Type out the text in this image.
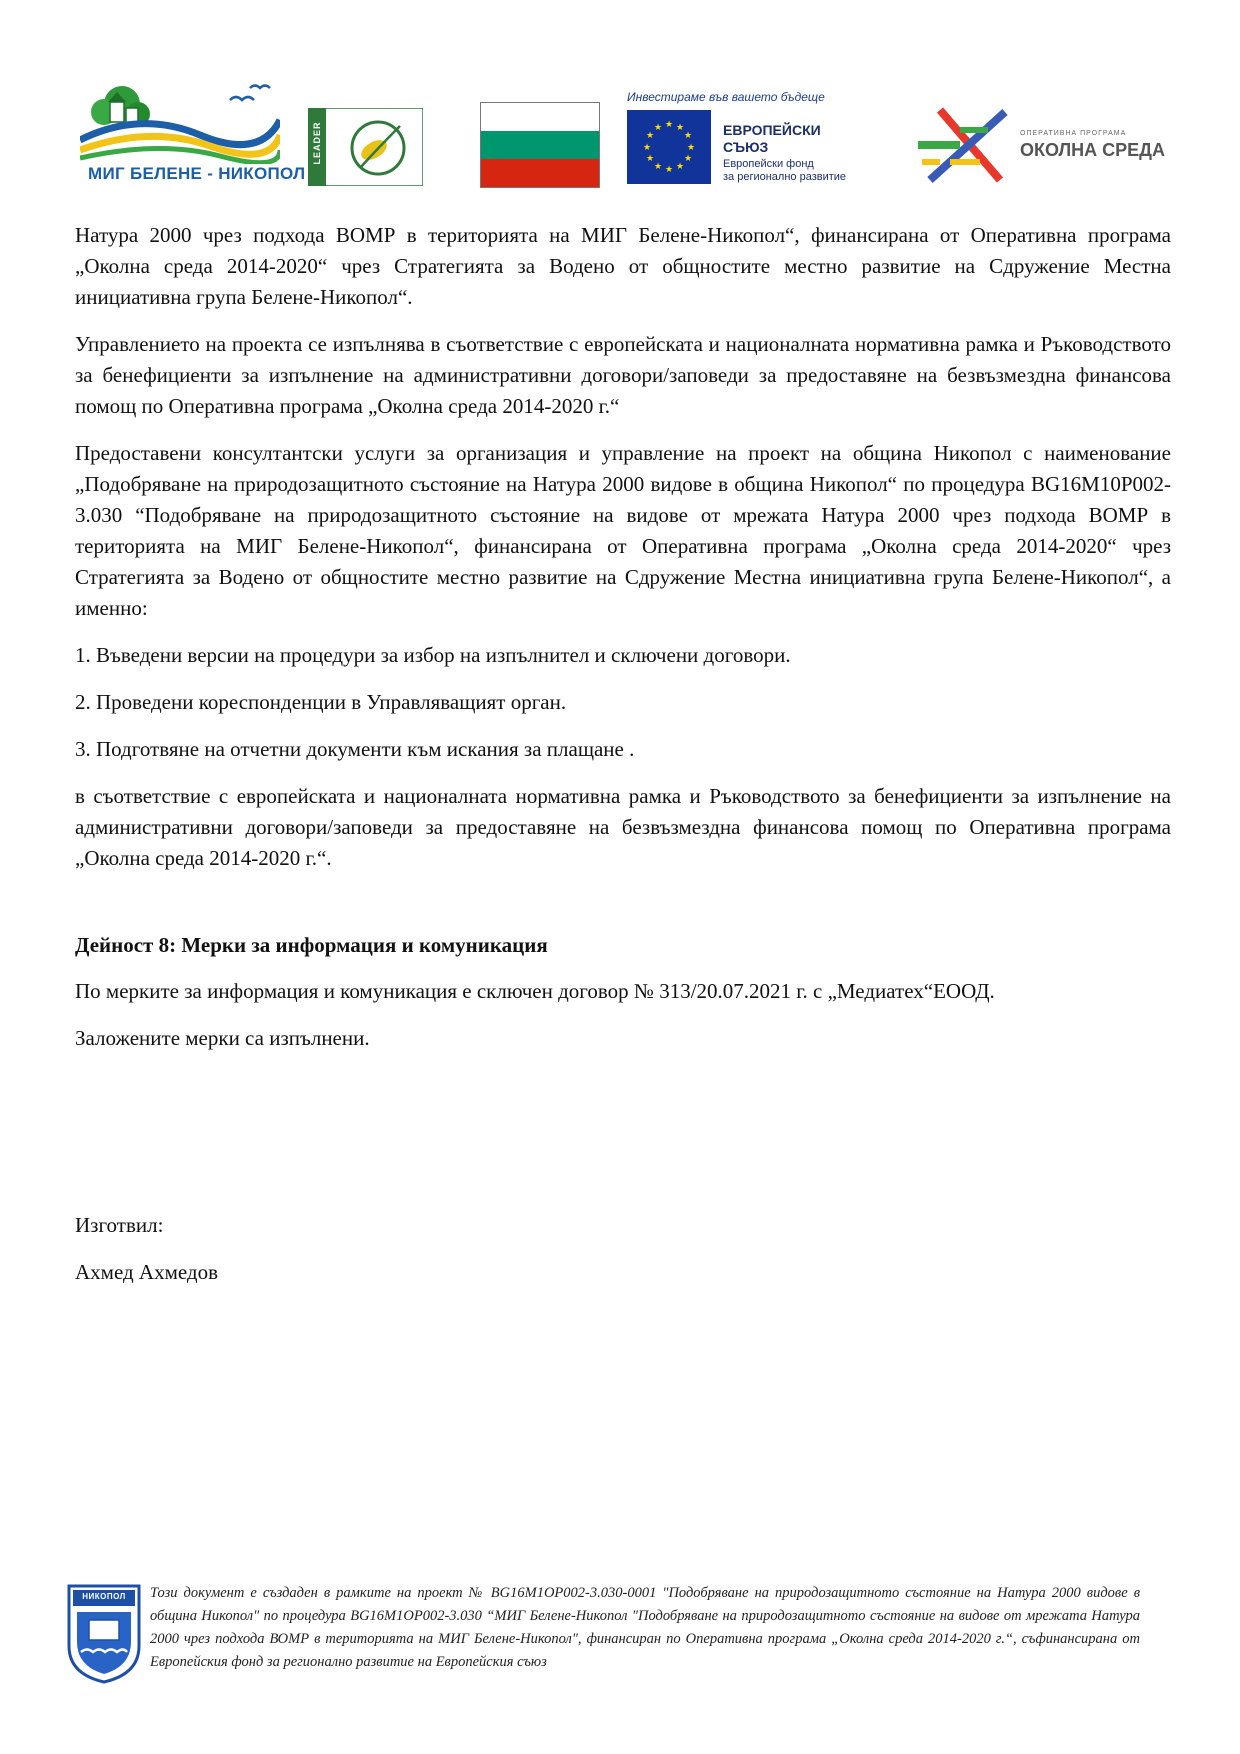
МИГ БЕЛЕНЕ - НИКОПОЛ
LEADER
Инвестираме във вашето бъдеще
★ ★
★
★
★
★
★
★
★
★
★
★	ЕВРОПЕЙСКИ
СЪЮЗ
Европейски фонд
за регионално развитие
ОПЕРАТИВНА ПРОГРАМА
ОКОЛНА СРЕДА

Натура 2000 чрез подхода ВОМР в територията на МИГ Белене-Никопол“, финансирана от Оперативна програма „Околна среда 2014-2020“ чрез Стратегията за Водено от общностите местно развитие на Сдружение Местна инициативна група Белене-Никопол“.

Управлението на проекта се изпълнява в съответствие с европейската и националната нормативна рамка и Ръководството за бенефициенти за изпълнение на административни договори/заповеди за предоставяне на безвъзмездна финансова помощ по Оперативна програма „Околна среда 2014-2020 г.“

Предоставени консултантски услуги за организация и управление на проект на община Никопол с наименование „Подобряване на природозащитното състояние на Натура 2000 видове в община Никопол“ по процедура BG16M10P002-3.030 “Подобряване на природозащитното състояние на видове от мрежата Натура 2000 чрез подхода ВОМР в територията на МИГ Белене-Никопол“, финансирана от Оперативна програма „Околна среда 2014-2020“ чрез Стратегията за Водено от общностите местно развитие на Сдружение Местна инициативна група Белене-Никопол“, а именно:

1. Въведени версии на процедури за избор на изпълнител и сключени договори.

2. Проведени кореспонденции в Управляващият орган.

3. Подготвяне на отчетни документи към искания за плащане .

в съответствие с европейската и националната нормативна рамка и Ръководството за бенефициенти за изпълнение на административни договори/заповеди за предоставяне на безвъзмездна финансова помощ по Оперативна програма „Околна среда 2014-2020 г.“.

Дейност 8: Мерки за информация и комуникация

По мерките за информация и комуникация е сключен договор № 313/20.07.2021 г. с „Медиатех“ЕООД.

Заложените мерки са изпълнени.

Изготвил:

Ахмед Ахмедов

НИКОПОЛ	Този документ е създаден в рамките на проект № BG16M1OP002-3.030-0001 "Подобряване на природозащитното състояние на Натура 2000 видове в община Никопол" по процедура BG16M1OP002-3.030 “МИГ Белене-Никопол "Подобряване на природозащитното състояние на видове от мрежата Натура 2000 чрез подхода ВОМР в територията на МИГ Белене-Никопол", финансиран по Оперативна програма „Околна среда 2014-2020 г.“, съфинансирана от Европейския фонд за регионално развитие на Европейския съюз
